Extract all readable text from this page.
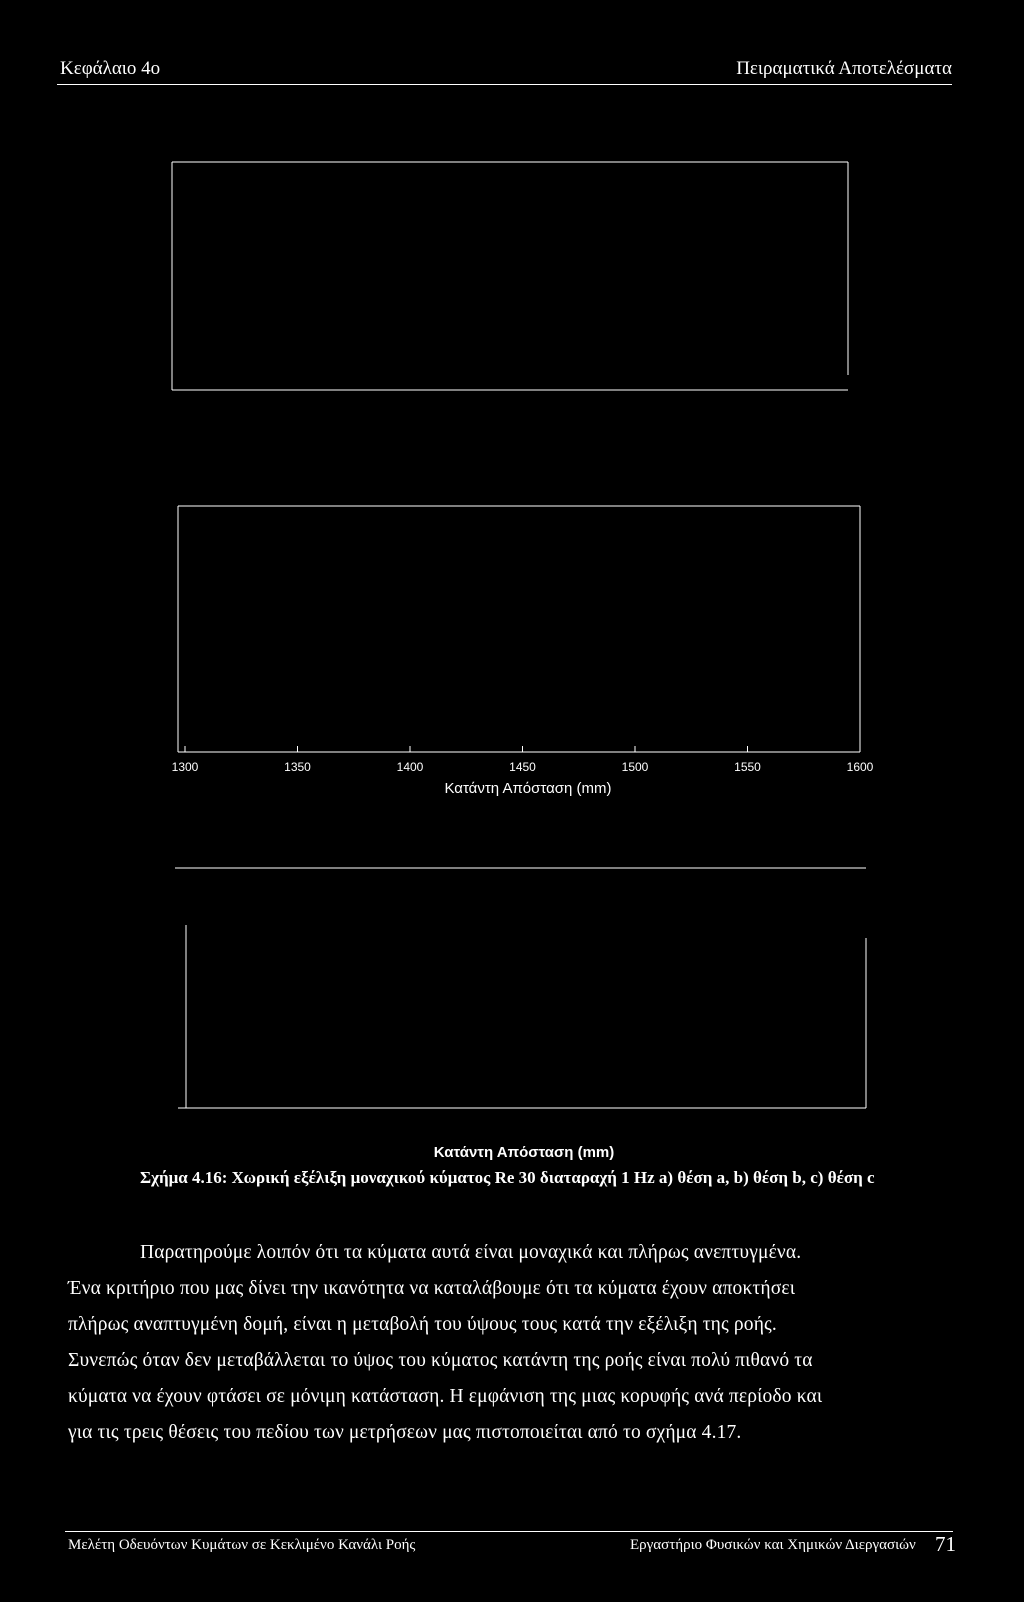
Κεφάλαιο 4ο	Πειραματικά Αποτελέσματα
1300	1350	1400	1450	1500	1550	1600
Κατάντη Απόσταση (mm)
Κατάντη Απόσταση (mm)
Σχήμα 4.16: Χωρική εξέλιξη μοναχικού κύματος Re 30 διαταραχή 1 Hz a) θέση a, b) θέση b, c) θέση c
Παρατηρούμε λοιπόν ότι τα κύματα αυτά είναι μοναχικά και πλήρως ανεπτυγμένα.
Ένα κριτήριο που μας δίνει την ικανότητα να καταλάβουμε ότι τα κύματα έχουν αποκτήσει
πλήρως αναπτυγμένη δομή, είναι η μεταβολή του ύψους τους κατά την εξέλιξη της ροής.
Συνεπώς όταν δεν μεταβάλλεται το ύψος του κύματος κατάντη της ροής είναι πολύ πιθανό τα
κύματα να έχουν φτάσει σε μόνιμη κατάσταση. Η εμφάνιση της μιας κορυφής ανά περίοδο και
για τις τρεις θέσεις του πεδίου των μετρήσεων μας πιστοποιείται από το σχήμα 4.17.
Μελέτη Οδευόντων Κυμάτων σε Κεκλιμένο Κανάλι Ροής	Εργαστήριο Φυσικών και Χημικών Διεργασιών 71
